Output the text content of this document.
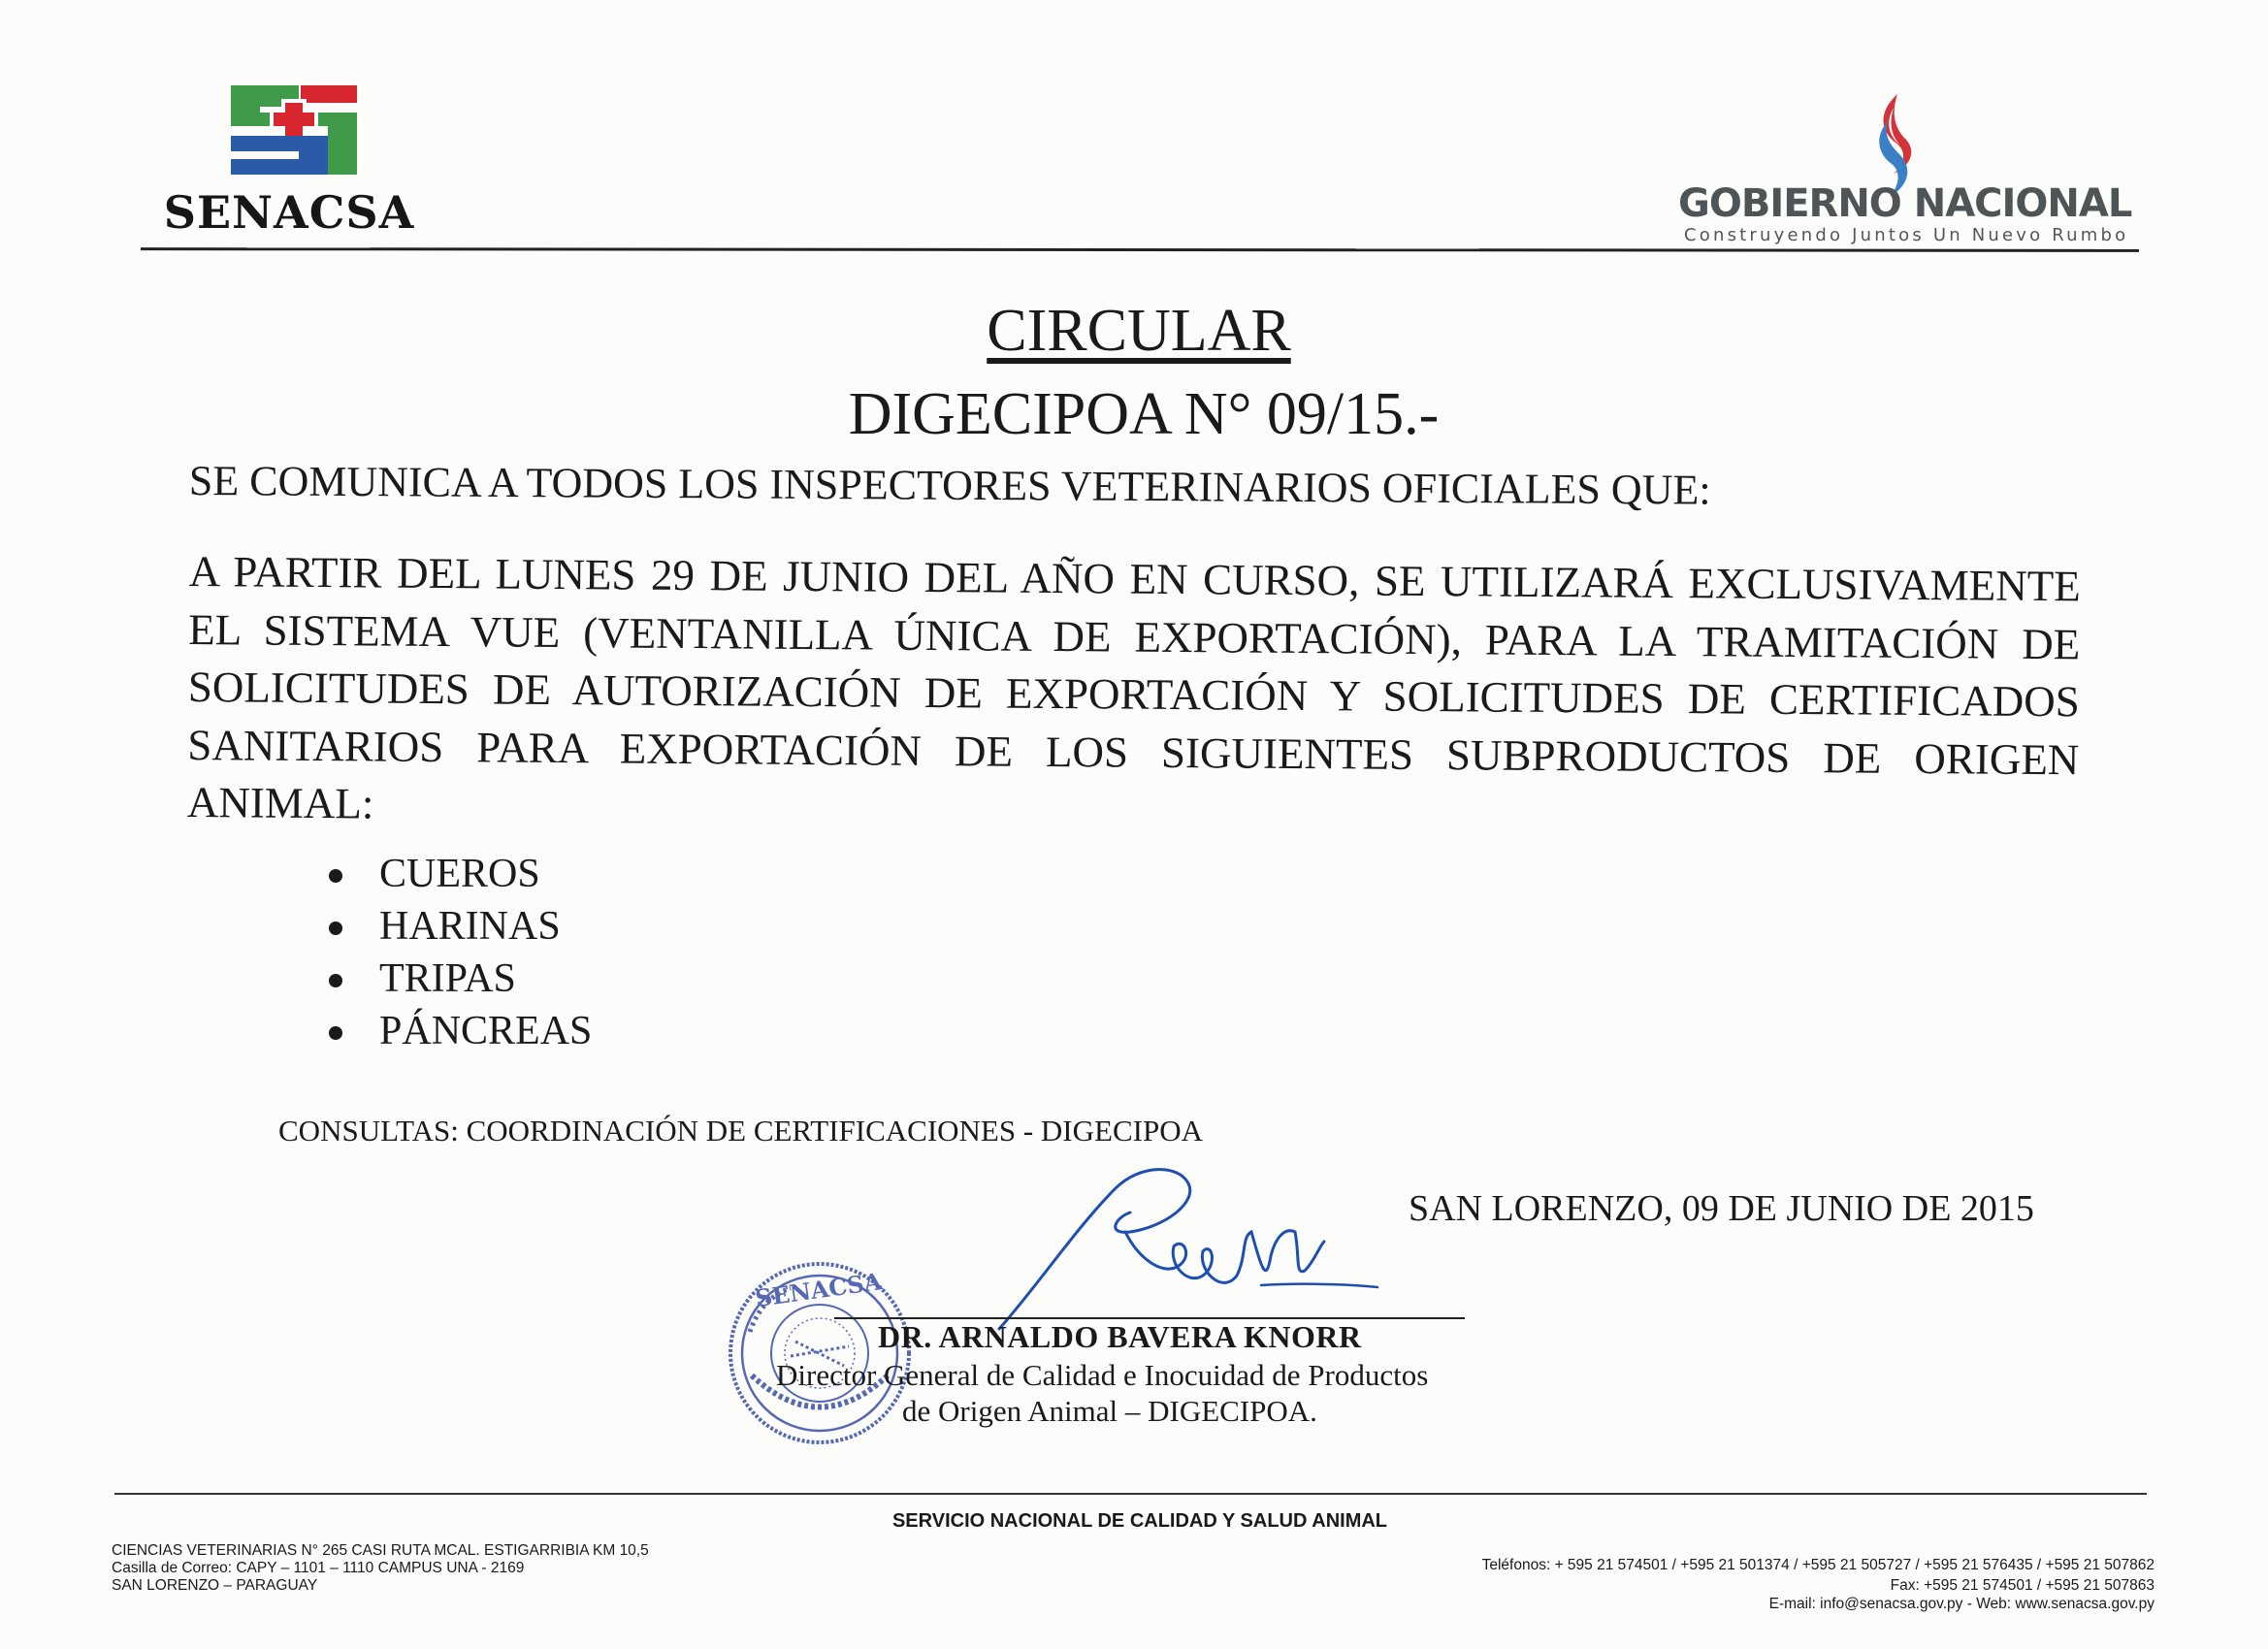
SENACSA	GOBIERNO NACIONAL
Construyendo Juntos Un Nuevo Rumbo
CIRCULAR
DIGECIPOA N° 09/15.-
SE COMUNICA A TODOS LOS INSPECTORES VETERINARIOS OFICIALES QUE:
A PARTIR DEL LUNES 29 DE JUNIO DEL AÑO EN CURSO, SE UTILIZARÁ EXCLUSIVAMENTE EL SISTEMA VUE (VENTANILLA ÚNICA DE EXPORTACIÓN), PARA LA TRAMITACIÓN DE SOLICITUDES DE AUTORIZACIÓN DE EXPORTACIÓN Y SOLICITUDES DE CERTIFICADOS SANITARIOS PARA EXPORTACIÓN DE LOS SIGUIENTES SUBPRODUCTOS DE ORIGEN ANIMAL:
CUEROS
HARINAS
TRIPAS
PÁNCREAS
CONSULTAS: COORDINACIÓN DE CERTIFICACIONES - DIGECIPOA
SAN LORENZO, 09 DE JUNIO DE 2015
SENACSA
DR. ARNALDO BAVERA KNORR
Director General de Calidad e Inocuidad de Productos
de Origen Animal – DIGECIPOA.
SERVICIO NACIONAL DE CALIDAD Y SALUD ANIMAL
CIENCIAS VETERINARIAS N° 265 CASI RUTA MCAL. ESTIGARRIBIA KM 10,5
Casilla de Correo: CAPY – 1101 – 1110 CAMPUS UNA - 2169
SAN LORENZO – PARAGUAY
Teléfonos: + 595 21 574501 / +595 21 501374 / +595 21 505727 / +595 21 576435 / +595 21 507862
Fax: +595 21 574501 / +595 21 507863
E-mail: info@senacsa.gov.py - Web: www.senacsa.gov.py
